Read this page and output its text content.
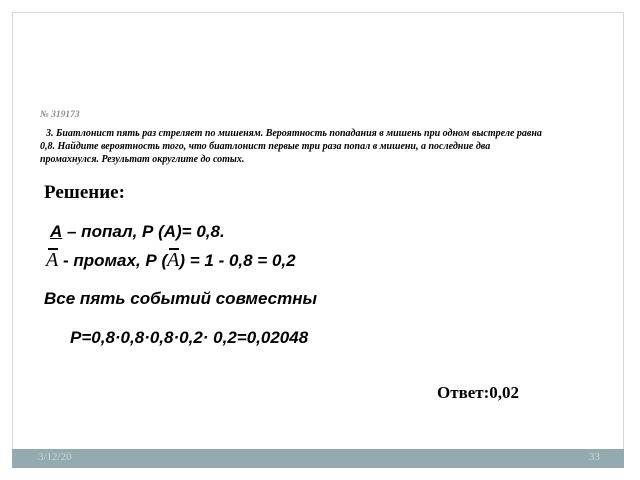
№ 319173
3. Биатлонист пять раз стреляет по мишеням. Вероятность попадания в мишень при одном выстреле равна
0,8. Найдите вероятность того, что биатлонист первые три раза попал в мишени, а последние два
промахнулся. Результат округлите до сотых.
Решение:
А – попал, Р (А)= 0,8.
A - промах, Р (A) = 1 - 0,8 = 0,2
Все пять событий совместны
Р=0,8·0,8·0,8·0,2· 0,2=0,02048
Ответ:0,02
3/12/20	33
